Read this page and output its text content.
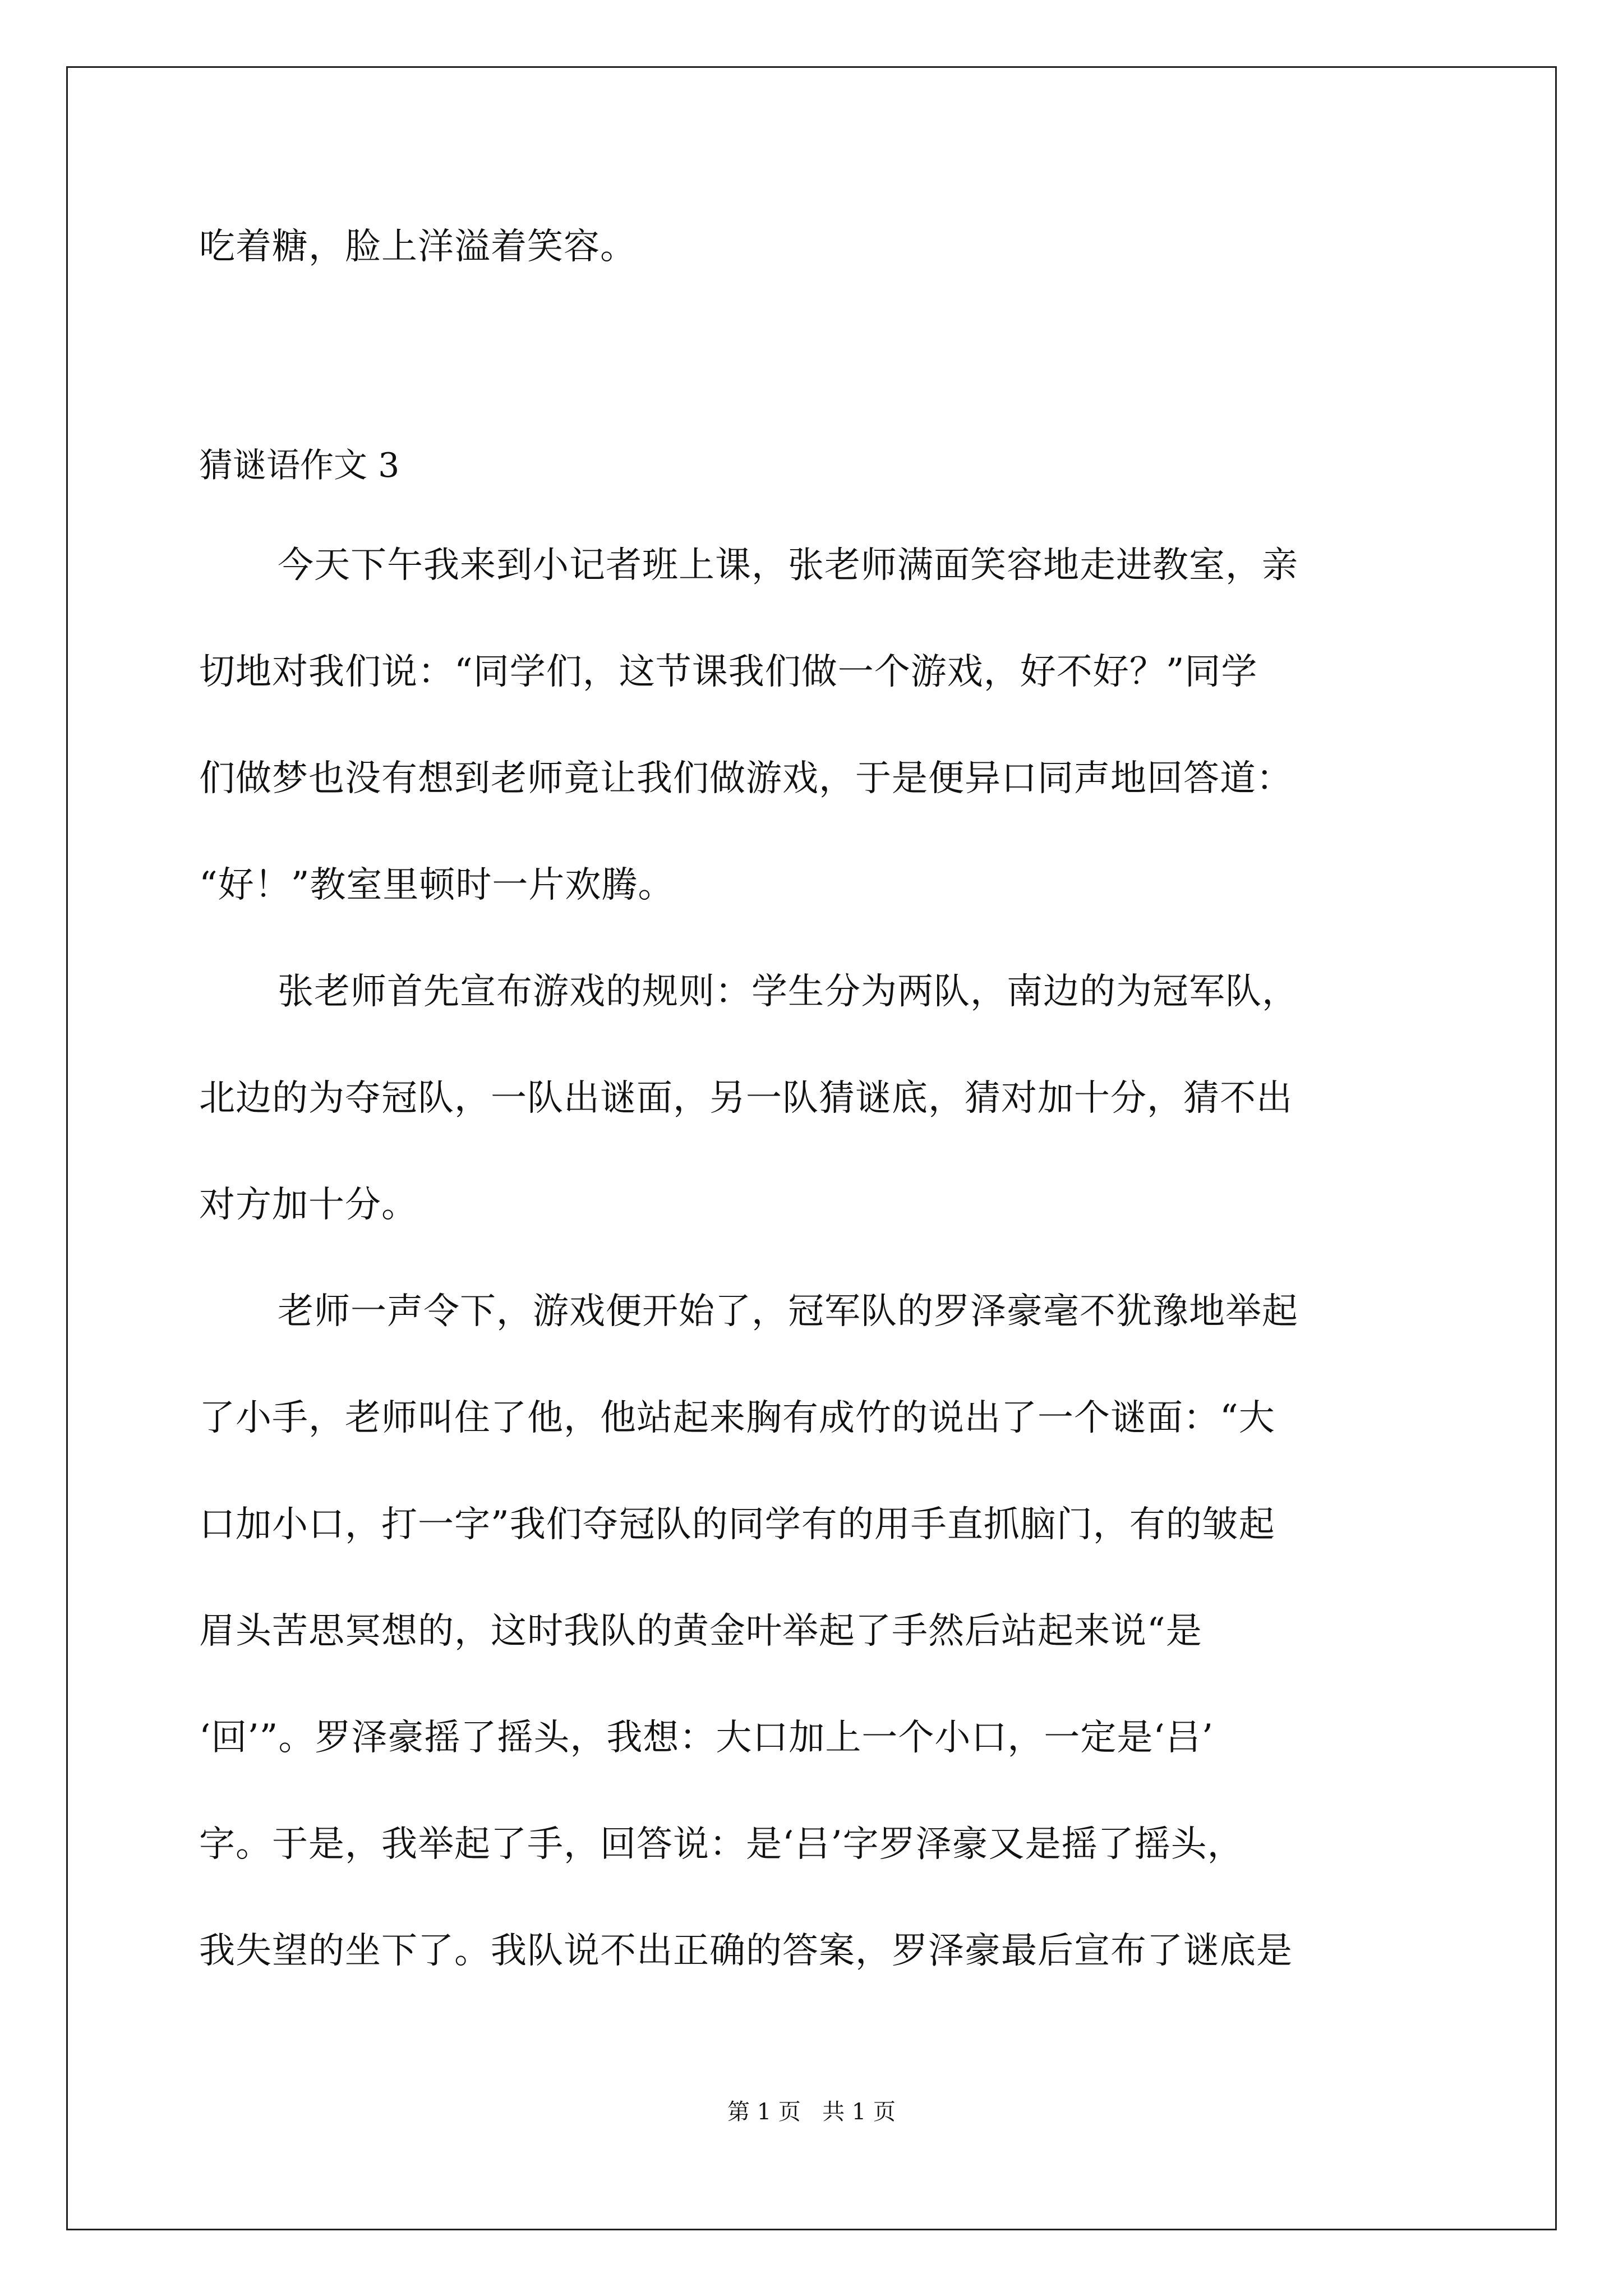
吃着糖，脸上洋溢着笑容。
猜谜语作文 3
今天下午我来到小记者班上课，张老师满面笑容地走进教室，亲
切地对我们说：“同学们，这节课我们做一个游戏，好不好？”同学
们做梦也没有想到老师竟让我们做游戏，于是便异口同声地回答道：
“好！”教室里顿时一片欢腾。
张老师首先宣布游戏的规则：学生分为两队，南边的为冠军队，
北边的为夺冠队，一队出谜面，另一队猜谜底，猜对加十分，猜不出
对方加十分。
老师一声令下，游戏便开始了，冠军队的罗泽豪毫不犹豫地举起
了小手，老师叫住了他，他站起来胸有成竹的说出了一个谜面：“大
口加小口，打一字”我们夺冠队的同学有的用手直抓脑门，有的皱起
眉头苦思冥想的，这时我队的黄金叶举起了手然后站起来说“是
‘回’”。罗泽豪摇了摇头，我想：大口加上一个小口，一定是‘吕’
字。于是，我举起了手，回答说：是‘吕’字罗泽豪又是摇了摇头，
我失望的坐下了。我队说不出正确的答案，罗泽豪最后宣布了谜底是
第 1 页   共 1 页
